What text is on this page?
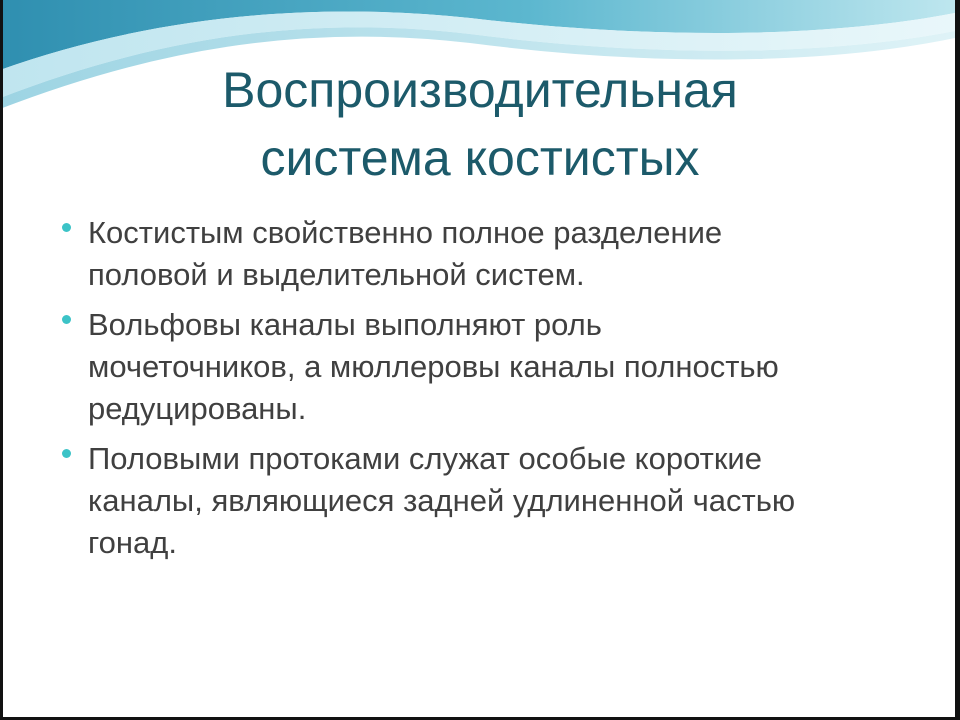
Воспроизводительная
система костистых
Костистым свойственно полное разделение
половой и выделительной систем.
Вольфовы каналы выполняют роль
мочеточников, а мюллеровы каналы полностью
редуцированы.
Половыми протоками служат особые короткие
каналы, являющиеся задней удлиненной частью
гонад.
